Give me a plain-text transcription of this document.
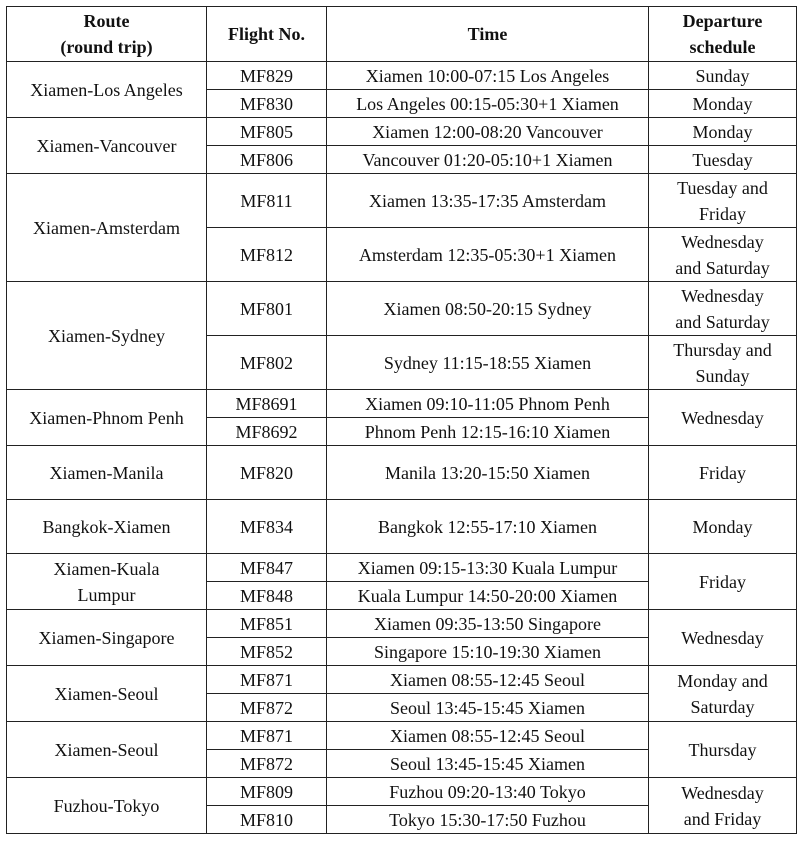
Route
(round trip)	Flight No.	Time	Departure
schedule
Xiamen-Los Angeles	MF829	Xiamen 10:00-07:15 Los Angeles	Sunday
	MF830	Los Angeles 00:15-05:30+1 Xiamen	Monday
Xiamen-Vancouver	MF805	Xiamen 12:00-08:20 Vancouver	Monday
	MF806	Vancouver 01:20-05:10+1 Xiamen	Tuesday
Xiamen-Amsterdam	MF811	Xiamen 13:35-17:35 Amsterdam	Tuesday and
Friday
	MF812	Amsterdam 12:35-05:30+1 Xiamen	Wednesday
and Saturday
Xiamen-Sydney	MF801	Xiamen 08:50-20:15 Sydney	Wednesday
and Saturday
	MF802	Sydney 11:15-18:55 Xiamen	Thursday and
Sunday
Xiamen-Phnom Penh	MF8691	Xiamen 09:10-11:05 Phnom Penh	Wednesday
	MF8692	Phnom Penh 12:15-16:10 Xiamen	
Xiamen-Manila	MF820	Manila 13:20-15:50 Xiamen	Friday
Bangkok-Xiamen	MF834	Bangkok 12:55-17:10 Xiamen	Monday
Xiamen-Kuala
Lumpur	MF847	Xiamen 09:15-13:30 Kuala Lumpur	Friday
	MF848	Kuala Lumpur 14:50-20:00 Xiamen	
Xiamen-Singapore	MF851	Xiamen 09:35-13:50 Singapore	Wednesday
	MF852	Singapore 15:10-19:30 Xiamen	
Xiamen-Seoul	MF871	Xiamen 08:55-12:45 Seoul	Monday and
Saturday
	MF872	Seoul 13:45-15:45 Xiamen	
Xiamen-Seoul	MF871	Xiamen 08:55-12:45 Seoul	Thursday
	MF872	Seoul 13:45-15:45 Xiamen	
Fuzhou-Tokyo	MF809	Fuzhou 09:20-13:40 Tokyo	Wednesday
and Friday
	MF810	Tokyo 15:30-17:50 Fuzhou	
